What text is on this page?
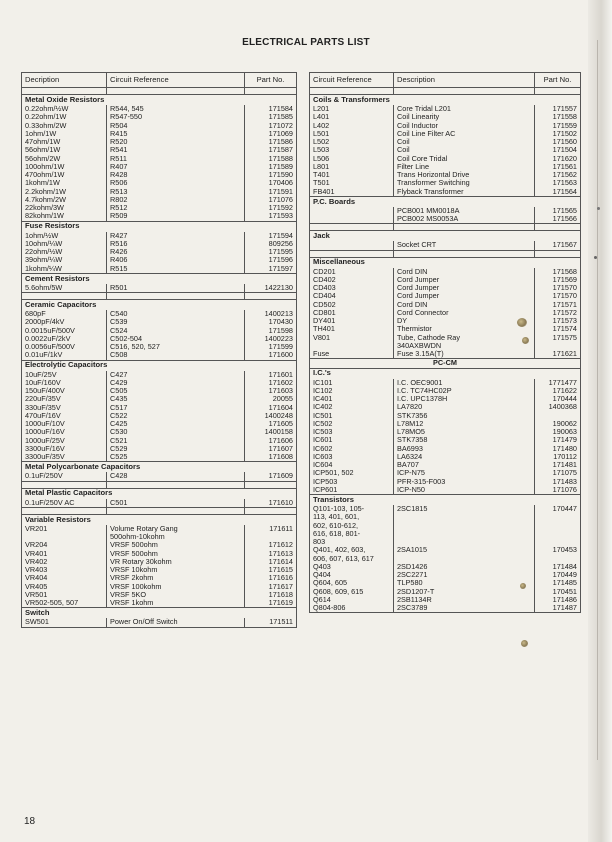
ELECTRICAL PARTS LIST
Decription	Circuit Reference	Part No.

Metal Oxide Resistors		
0.22ohm/½W	R544, 545	171584
0.22ohm/1W	R547-550	171585
0.33ohm/2W	R504	171072
1ohm/1W	R415	171069
47ohm/1W	R520	171586
56ohm/1W	R541	171587
56ohm/2W	R511	171588
100ohm/1W	R407	171589
470ohm/1W	R428	171590
1kohm/1W	R506	170406
2.2kohm/1W	R513	171591
4.7kohm/2W	R802	171076
22kohm/3W	R512	171592
82kohm/1W	R509	171593
Fuse Resistors		
1ohm/½W	R427	171594
10ohm/¼W	R516	809256
22ohm/½W	R426	171595
39ohm/¼W	R406	171596
1kohm/¼W	R515	171597
Cement Resistors		
5.6ohm/5W	R501	1422130

Ceramic Capacitors		
680pF	C540	1400213
2000pF/4kV	C539	170430
0.0015uF/500V	C524	171598
0.0022uF/2kV	C502-504	1400223
0.0056uF/500V	C516, 520, 527	171599
0.01uF/1kV	C508	171600
Electrolytic Capacitors		
10uF/25V	C427	171601
10uF/160V	C429	171602
150uF/400V	C505	171603
220uF/35V	C435	20055
330uF/35V	C517	171604
470uF/16V	C522	1400248
1000uF/10V	C425	171605
1000uF/16V	C530	1400158
1000uF/25V	C521	171606
3300uF/16V	C529	171607
3300uF/35V	C525	171608
Metal Polycarbonate Capacitors		
0.1uF/250V	C428	171609

Metal Plastic Capacitors		
0.1uF/250V AC	C501	171610

Variable Resistors		
VR201	Volume Rotary Gang	171611
	500ohm-10kohm	
VR204	VRSF 500ohm	171612
VR401	VRSF 500ohm	171613
VR402	VR Rotary 30kohm	171614
VR403	VRSF 10kohm	171615
VR404	VRSF 2kohm	171616
VR405	VRSF 100kohm	171617
VR501	VRSF 5KO	171618
VR502-505, 507	VRSF 1kohm	171619
Switch		
SW501	Power On/Off Switch	171511
Circuit Reference	Description	Part No.

Coils & Transformers		
L201	Core Tridal L201	171557
L401	Coil Linearity	171558
L402	Coil Inductor	171559
L501	Coil Line Filter AC	171502
L502	Coil	171560
L503	Coil	171504
L506	Coil Core Tridal	171620
L801	Filter Line	171561
T401	Trans Horizontal Drive	171562
T501	Transformer Switching	171563
FB401	Flyback Transformer	171564
P.C. Boards		
	PCB001 MM0018A	171565
	PCB002 MS0053A	171566

Jack		
	Socket CRT	171567

Miscellaneous		
CD201	Cord DIN	171568
CD402	Cord Jumper	171569
CD403	Cord Jumper	171570
CD404	Cord Jumper	171570
CD502	Cord DIN	171571
CD801	Cord Connector	171572
DY401	DY	171573
TH401	Thermistor	171574
V801	Tube, Cathode Ray	171575
	340AXBWDN	
Fuse	Fuse 3.15A(T)	171621
PC-CM		
I.C.'s		
IC101	I.C. OEC9001	1771477
IC102	I.C. TC74HC02P	171622
IC401	I.C. UPC1378H	170444
IC402	LA7820	1400368
IC501	STK7356	
IC502	L78M12	190062
IC503	L78MO5	190063
IC601	STK7358	171479
IC602	BA6993	171480
IC603	LA6324	170112
IC604	BA707	171481
ICP501, 502	ICP-N75	171075
ICP503	PFR-315-F003	171483
ICP601	ICP-N50	171076
Transistors		
Q101-103, 105-	2SC1815	170447
113, 401, 601,		
602, 610-612,		
616, 618, 801-		
803		
Q401, 402, 603,	2SA1015	170453
606, 607, 613, 617		
Q403	2SD1426	171484
Q404	2SC2271	170449
Q604, 605	TLP580	171485
Q608, 609, 615	2SD1207-T	170451
Q614	2SB1134R	171486
Q804-806	2SC3789	171487
18
